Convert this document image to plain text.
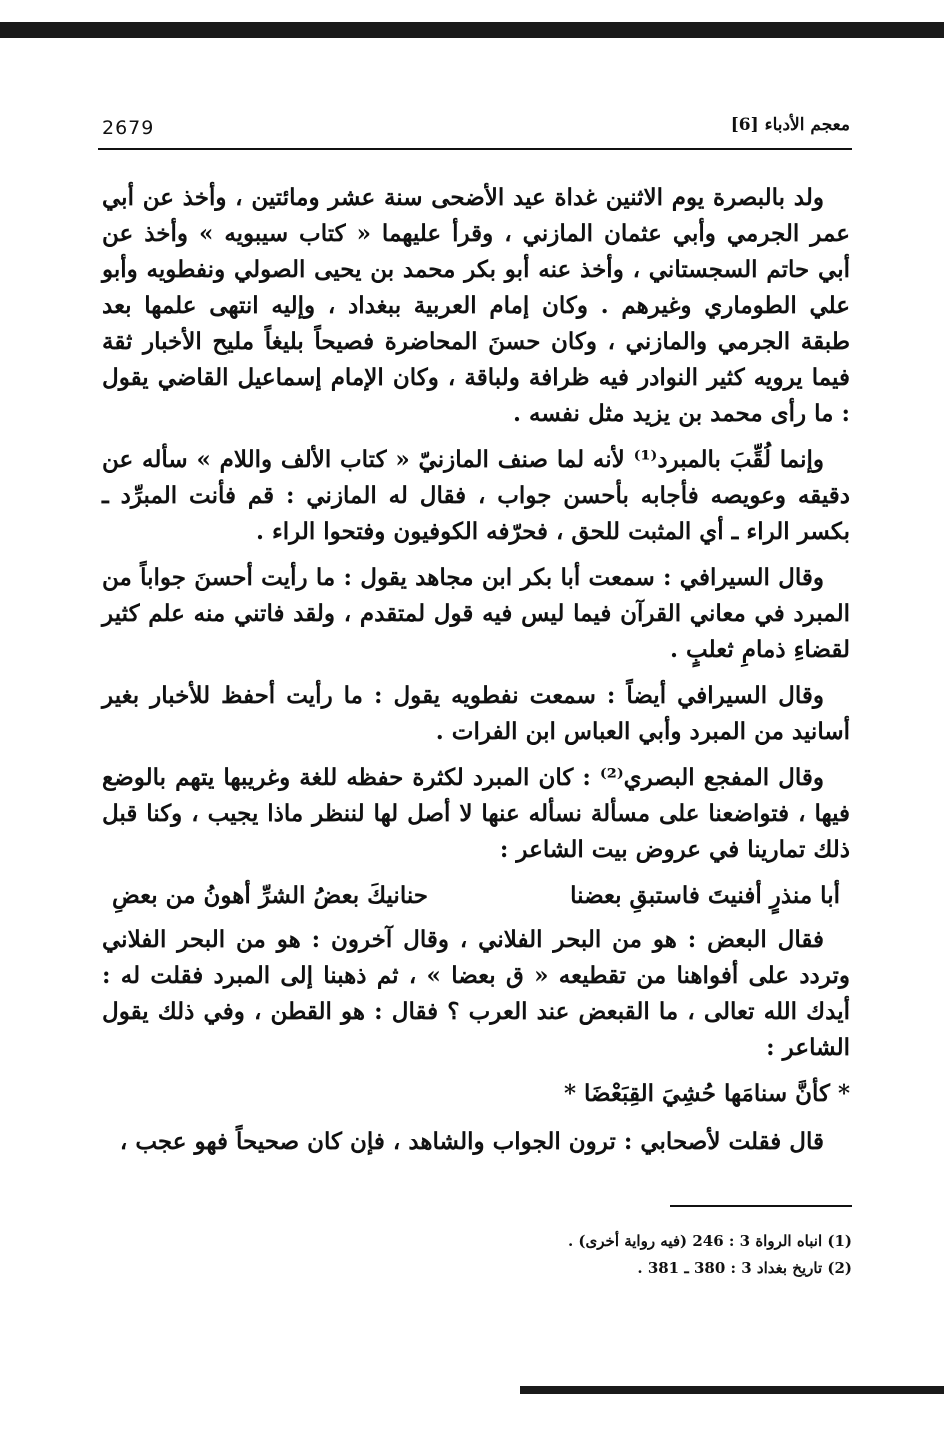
2679	معجم الأدباء [6]

ولد بالبصرة يوم الاثنين غداة عيد الأضحى سنة عشر ومائتين ، وأخذ عن أبي عمر الجرمي وأبي عثمان المازني ، وقرأ عليهما « كتاب سيبويه » وأخذ عن أبي حاتم السجستاني ، وأخذ عنه أبو بكر محمد بن يحيى الصولي ونفطويه وأبو علي الطوماري وغيرهم . وكان إمام العربية ببغداد ، وإليه انتهى علمها بعد طبقة الجرمي والمازني ، وكان حسنَ المحاضرة فصيحاً بليغاً مليح الأخبار ثقة فيما يرويه كثير النوادر فيه ظرافة ولباقة ، وكان الإمام إسماعيل القاضي يقول : ما رأى محمد بن يزيد مثل نفسه .

وإنما لُقِّبَ بالمبرد⁽¹⁾ لأنه لما صنف المازنيّ « كتاب الألف واللام » سأله عن دقيقه وعويصه فأجابه بأحسن جواب ، فقال له المازني : قم فأنت المبرِّد ـ بكسر الراء ـ أي المثبت للحق ، فحرّفه الكوفيون وفتحوا الراء .

وقال السيرافي : سمعت أبا بكر ابن مجاهد يقول : ما رأيت أحسنَ جواباً من المبرد في معاني القرآن فيما ليس فيه قول لمتقدم ، ولقد فاتني منه علم كثير لقضاءِ ذمامِ ثعلبٍ .

وقال السيرافي أيضاً : سمعت نفطويه يقول : ما رأيت أحفظ للأخبار بغير أسانيد من المبرد وأبي العباس ابن الفرات .

وقال المفجع البصري⁽²⁾ : كان المبرد لكثرة حفظه للغة وغريبها يتهم بالوضع فيها ، فتواضعنا على مسألة نسأله عنها لا أصل لها لننظر ماذا يجيب ، وكنا قبل ذلك تمارينا في عروض بيت الشاعر :

أبا منذرٍ أفنيتَ فاستبقِ بعضنا
حنانيكَ بعضُ الشرِّ أهونُ من بعضِ

فقال البعض : هو من البحر الفلاني ، وقال آخرون : هو من البحر الفلاني وتردد على أفواهنا من تقطيعه « ق بعضا » ، ثم ذهبنا إلى المبرد فقلت له : أيدك الله تعالى ، ما القبعض عند العرب ؟ فقال : هو القطن ، وفي ذلك يقول الشاعر :

* كأنَّ سنامَها حُشِيَ القِبَعْضَا *

قال فقلت لأصحابي : ترون الجواب والشاهد ، فإن كان صحيحاً فهو عجب ،

(1) انباه الرواة 3 : 246 (فيه رواية أخرى) .

(2) تاريخ بغداد 3 : 380 ـ 381 .
